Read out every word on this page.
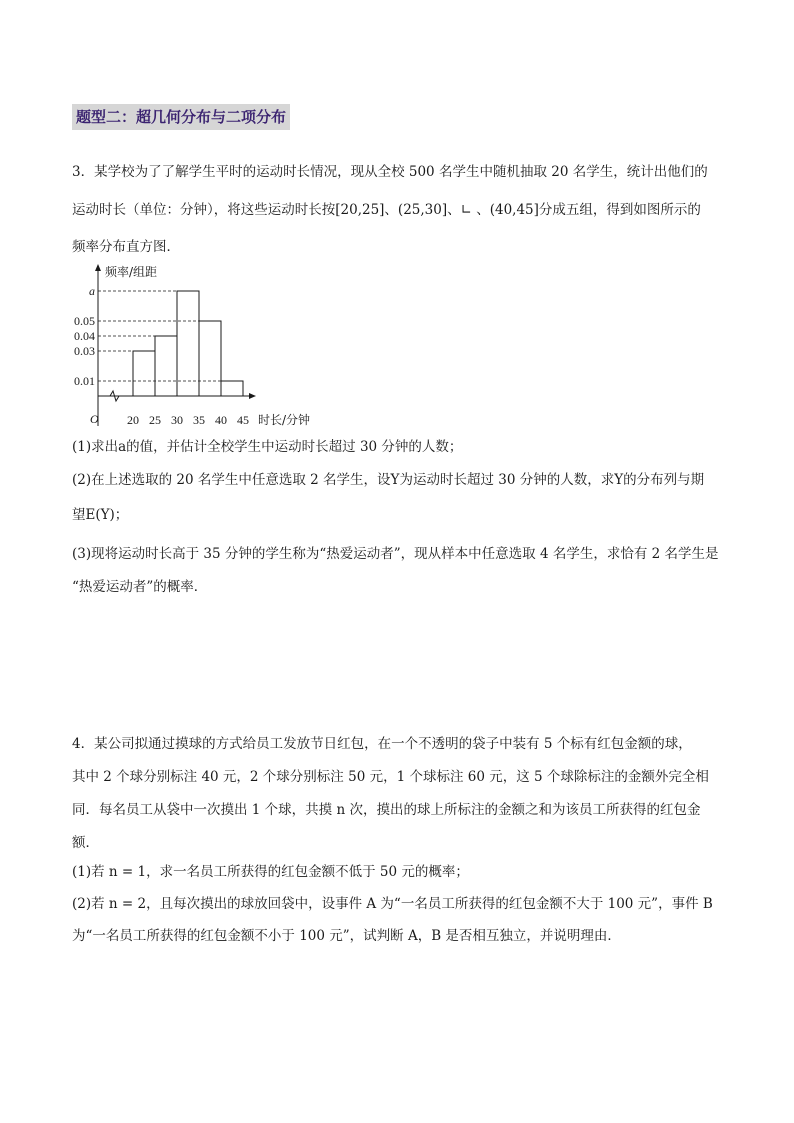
题型二：超几何分布与二项分布
3．某学校为了了解学生平时的运动时长情况，现从全校 500 名学生中随机抽取 20 名学生，统计出他们的
运动时长（单位：分钟），将这些运动时长按[20,25]、(25,30]、∟ 、(40,45]分成五组，得到如图所示的
频率分布直方图．
0.03
0.04
a
0.05
0.01
20 25 30 35 40 45
频率/组距
时长/分钟
O
(1)求出a的值，并估计全校学生中运动时长超过 30 分钟的人数；
(2)在上述选取的 20 名学生中任意选取 2 名学生，设Y为运动时长超过 30 分钟的人数，求Y的分布列与期
望E(Y)；
(3)现将运动时长高于 35 分钟的学生称为“热爱运动者”，现从样本中任意选取 4 名学生，求恰有 2 名学生是
“热爱运动者”的概率．
4．某公司拟通过摸球的方式给员工发放节日红包，在一个不透明的袋子中装有 5 个标有红包金额的球，
其中 2 个球分别标注 40 元，2 个球分别标注 50 元，1 个球标注 60 元，这 5 个球除标注的金额外完全相
同．每名员工从袋中一次摸出 1 个球，共摸 n 次，摸出的球上所标注的金额之和为该员工所获得的红包金
额．
(1)若 n = 1，求一名员工所获得的红包金额不低于 50 元的概率；
(2)若 n = 2，且每次摸出的球放回袋中，设事件 A 为“一名员工所获得的红包金额不大于 100 元”，事件 B
为“一名员工所获得的红包金额不小于 100 元”，试判断 A，B 是否相互独立，并说明理由．
